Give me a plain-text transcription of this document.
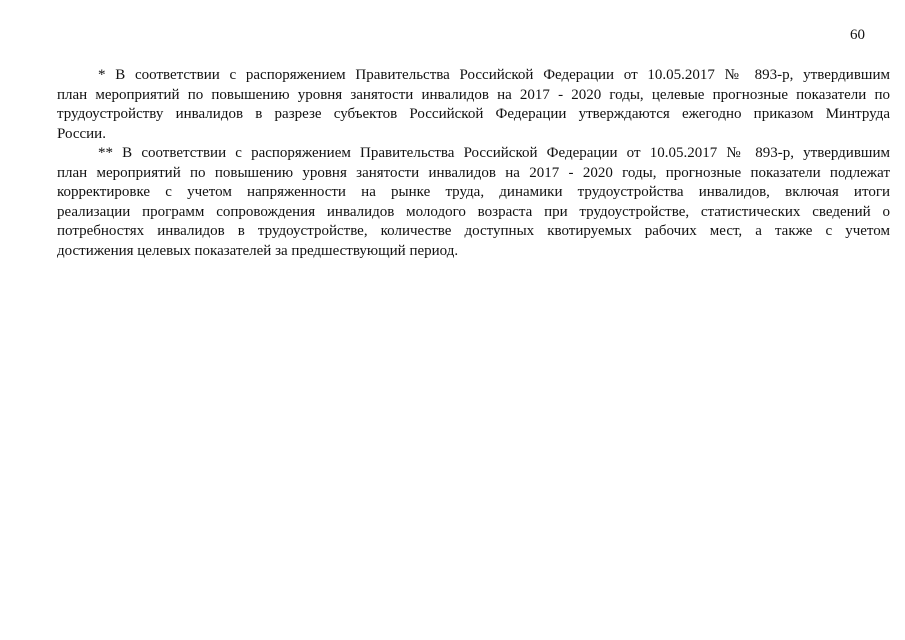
60
* В соответствии с распоряжением Правительства Российской Федерации от 10.05.2017 № 893-р, утвердившим
план мероприятий по повышению уровня занятости инвалидов на 2017 - 2020 годы, целевые прогнозные показатели по
трудоустройству инвалидов в разрезе субъектов Российской Федерации утверждаются ежегодно приказом Минтруда
России.
** В соответствии с распоряжением Правительства Российской Федерации от 10.05.2017 № 893-р, утвердившим
план мероприятий по повышению уровня занятости инвалидов на 2017 - 2020 годы, прогнозные показатели подлежат
корректировке с учетом напряженности на рынке труда, динамики трудоустройства инвалидов, включая итоги
реализации программ сопровождения инвалидов молодого возраста при трудоустройстве, статистических сведений о
потребностях инвалидов в трудоустройстве, количестве доступных квотируемых рабочих мест, а также с учетом
достижения целевых показателей за предшествующий период.
